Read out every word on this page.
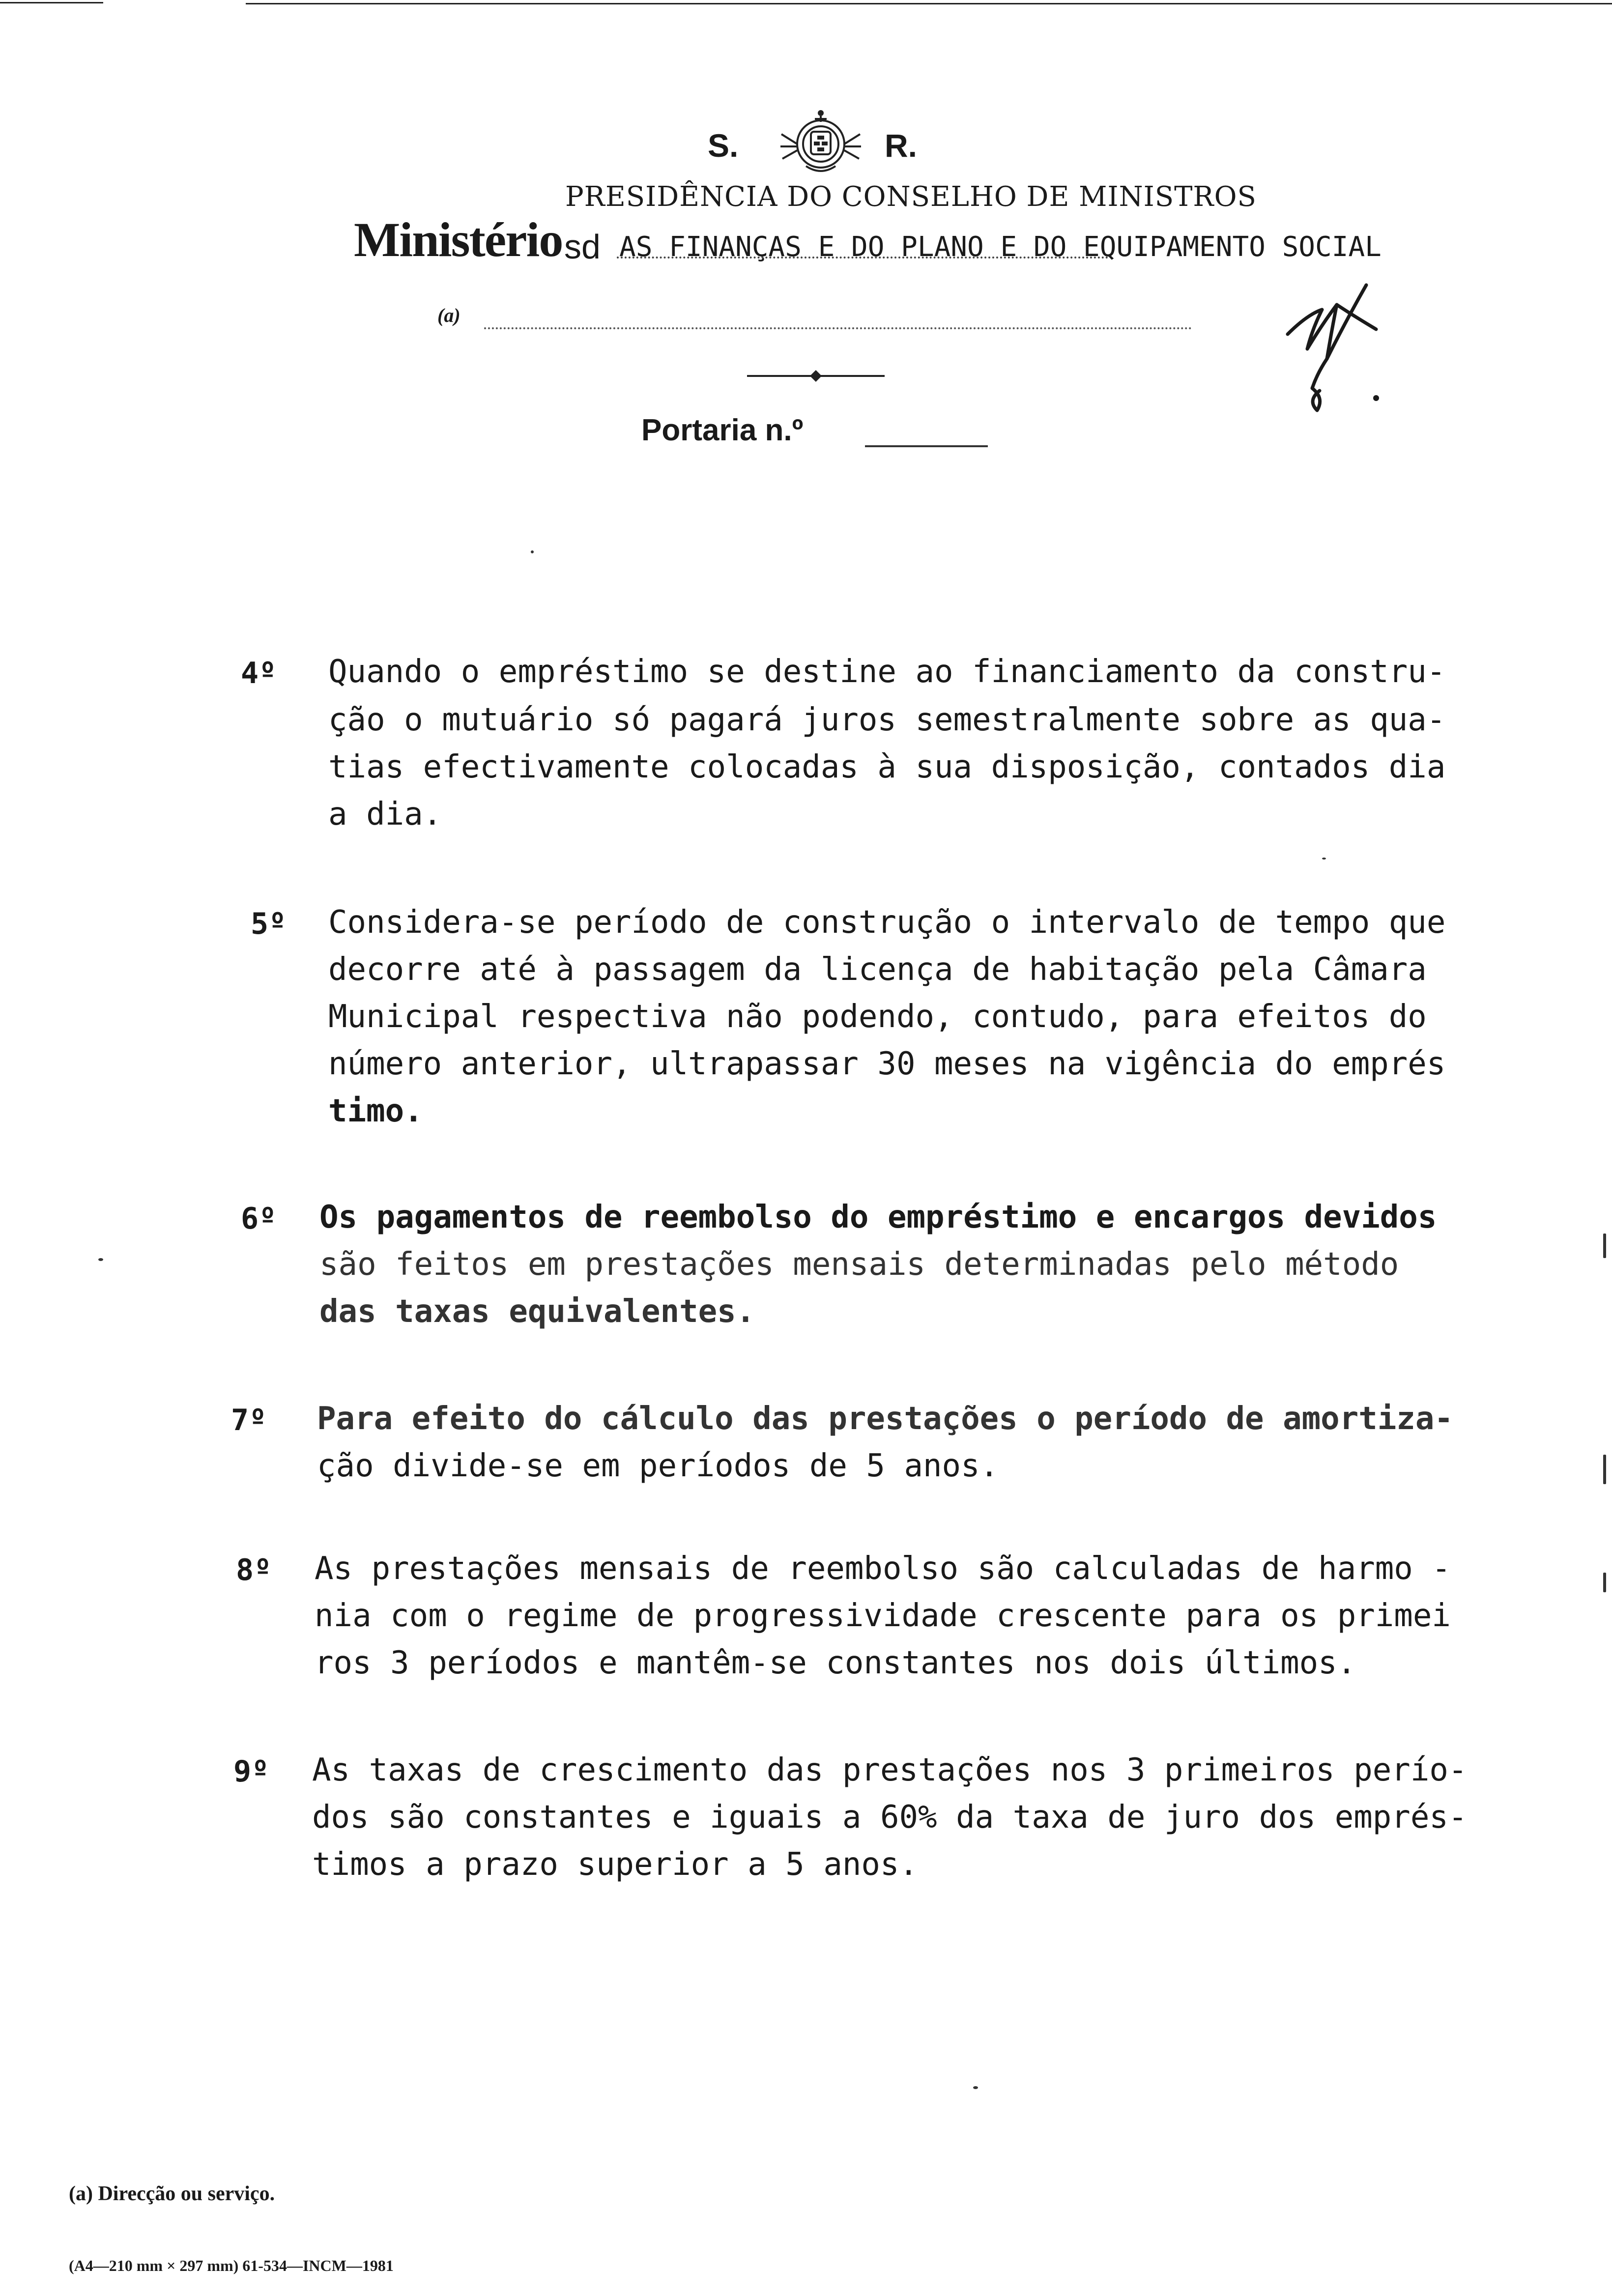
S.	R.
PRESIDÊNCIA DO CONSELHO DE MINISTROS
Ministério sd AS FINANÇAS E DO PLANO E DO EQUIPAMENTO SOCIAL
(a)
Portaria n.º
4º Quando o empréstimo se destine ao financiamento da constru-
ção o mutuário só pagará juros semestralmente sobre as qua-
tias efectivamente colocadas à sua disposição, contados dia
a dia.
5º Considera-se período de construção o intervalo de tempo que
decorre até à passagem da licença de habitação pela Câmara
Municipal respectiva não podendo, contudo, para efeitos do
número anterior, ultrapassar 30 meses na vigência do emprés
timo.
6º Os pagamentos de reembolso do empréstimo e encargos devidos
são feitos em prestações mensais determinadas pelo método
das taxas equivalentes.
7º Para efeito do cálculo das prestações o período de amortiza-
ção divide-se em períodos de 5 anos.
8º As prestações mensais de reembolso são calculadas de harmo -
nia com o regime de progressividade crescente para os primei
ros 3 períodos e mantêm-se constantes nos dois últimos.
9º As taxas de crescimento das prestações nos 3 primeiros perío-
dos são constantes e iguais a 60% da taxa de juro dos emprés-
timos a prazo superior a 5 anos.
(a) Direcção ou serviço.
(A4—210 mm × 297 mm) 61-534—INCM—1981
